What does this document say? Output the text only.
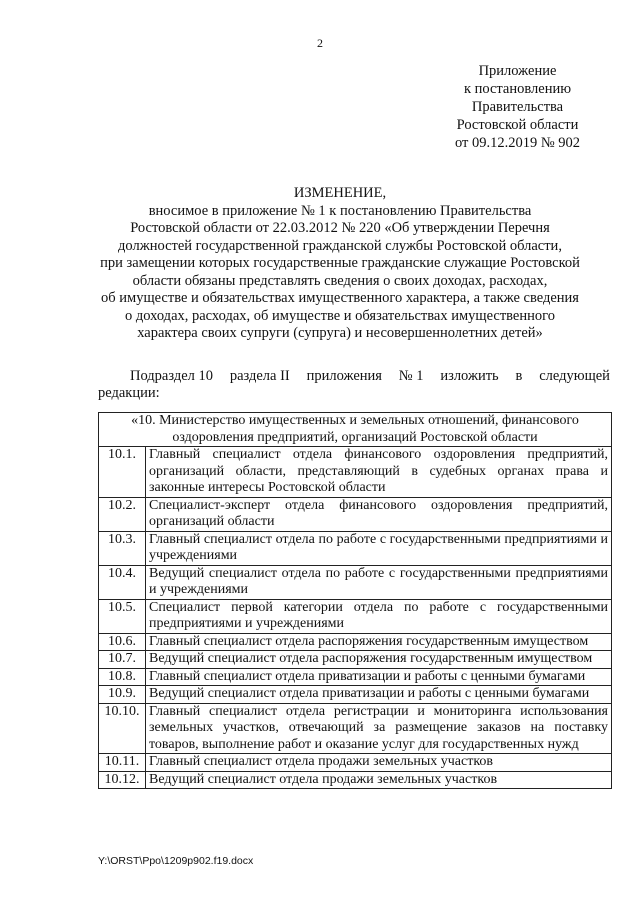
2
Приложение
к постановлению
Правительства
Ростовской области
от 09.12.2019 № 902
ИЗМЕНЕНИЕ,
вносимое в приложение № 1 к постановлению Правительства
Ростовской области от 22.03.2012 № 220 «Об утверждении Перечня
должностей государственной гражданской службы Ростовской области,
при замещении которых государственные гражданские служащие Ростовской
области обязаны представлять сведения о своих доходах, расходах,
об имуществе и обязательствах имущественного характера, а также сведения
о доходах, расходах, об имуществе и обязательствах имущественного
характера своих супруги (супруга) и несовершеннолетних детей»
Подраздел 10 раздела II приложения № 1 изложить в следующей
редакции:
«10. Министерство имущественных и земельных отношений, финансового оздоровления предприятий, организаций Ростовской области	
10.1.	Главный специалист отдела финансового оздоровления предприятий, организаций области, представляющий в судебных органах права и законные интересы Ростовской области
10.2.	Специалист-эксперт отдела финансового оздоровления предприятий, организаций области
10.3.	Главный специалист отдела по работе с государственными предприятиями и учреждениями
10.4.	Ведущий специалист отдела по работе с государственными предприятиями и учреждениями
10.5.	Специалист первой категории отдела по работе с государственными предприятиями и учреждениями
10.6.	Главный специалист отдела распоряжения государственным имуществом
10.7.	Ведущий специалист отдела распоряжения государственным имуществом
10.8.	Главный специалист отдела приватизации и работы с ценными бумагами
10.9.	Ведущий специалист отдела приватизации и работы с ценными бумагами
10.10.	Главный специалист отдела регистрации и мониторинга использования земельных участков, отвечающий за размещение заказов на поставку товаров, выполнение работ и оказание услуг для государственных нужд
10.11.	Главный специалист отдела продажи земельных участков
10.12.	Ведущий специалист отдела продажи земельных участков
Y:\ORST\Ppo\1209p902.f19.docx
